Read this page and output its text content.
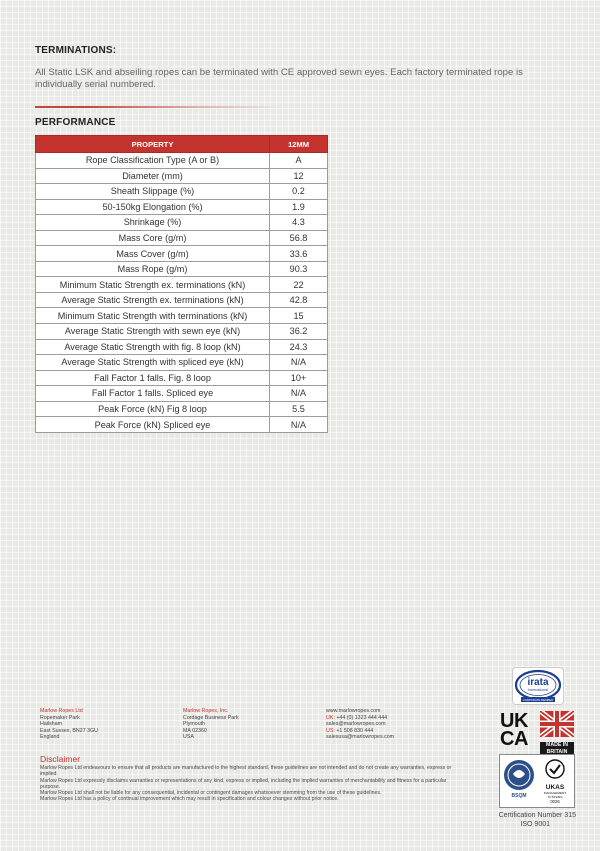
TERMINATIONS:
All Static LSK and abseiling ropes can be terminated with CE approved sewn eyes. Each factory terminated rope is individually serial numbered.
PERFORMANCE
PROPERTY	12MM
Rope Classification Type (A or B)	A
Diameter (mm)	12
Sheath Slippage (%)	0.2
50-150kg Elongation (%)	1.9
Shrinkage (%)	4.3
Mass Core (g/m)	56.8
Mass Cover (g/m)	33.6
Mass Rope (g/m)	90.3
Minimum Static Strength ex. terminations (kN)	22
Average Static Strength ex. terminations (kN)	42.8
Minimum Static Strength with terminations (kN)	15
Average Static Strength with sewn eye (kN)	36.2
Average Static Strength with fig. 8 loop (kN)	24.3
Average Static Strength with spliced eye (kN)	N/A
Fall Factor 1 falls. Fig. 8 loop	10+
Fall Factor 1 falls. Spliced eye	N/A
Peak Force (kN) Fig 8 loop	5.5
Peak Force (kN) Spliced eye	N/A
Marlow Ropes Ltd
Ropemaker Park
Hailsham
East Sussex, BN27 3GU
England
Marlow Ropes, Inc.
Cordage Business Park
Plymouth
MA 02360
USA
www.marlowropes.com
UK: +44 (0) 1323 444 444
sales@marlowropes.com
US: +1 508 830 444
salesusa@marlowropes.com
Disclaimer
Marlow Ropes Ltd endeavours to ensure that all products are manufactured to the highest standard, these guidelines are not intended and do not create any warranties, express or implied.
Marlow Ropes Ltd expressly disclaims warranties or representations of any kind, express or implied, including the implied warranties of merchantability and fitness for a particular purpose.
Marlow Ropes Ltd shall not be liable for any consequential, incidental or contingent damages whatsoever stemming from the use of these guidelines.
Marlow Ropes Ltd has a policy of continual improvement which may result in specification and colour changes without prior notice.
irata
International
CORPORATE MEMBER
UK
CA	MADE IN BRITAIN
BSQM
UKAS
MANAGEMENT SYSTEMS
0026
Certification Number 315
ISO 9001
